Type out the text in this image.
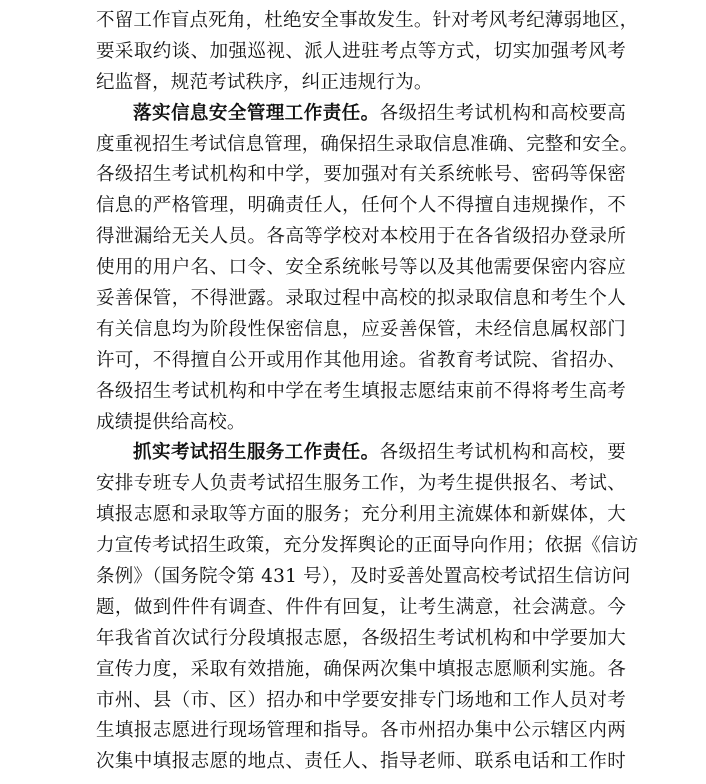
不留工作盲点死角，杜绝安全事故发生。针对考风考纪薄弱地区，
要采取约谈、加强巡视、派人进驻考点等方式，切实加强考风考
纪监督，规范考试秩序，纠正违规行为。
落实信息安全管理工作责任。各级招生考试机构和高校要高
度重视招生考试信息管理，确保招生录取信息准确、完整和安全。
各级招生考试机构和中学，要加强对有关系统帐号、密码等保密
信息的严格管理，明确责任人，任何个人不得擅自违规操作，不
得泄漏给无关人员。各高等学校对本校用于在各省级招办登录所
使用的用户名、口令、安全系统帐号等以及其他需要保密内容应
妥善保管，不得泄露。录取过程中高校的拟录取信息和考生个人
有关信息均为阶段性保密信息，应妥善保管，未经信息属权部门
许可，不得擅自公开或用作其他用途。省教育考试院、省招办、
各级招生考试机构和中学在考生填报志愿结束前不得将考生高考
成绩提供给高校。
抓实考试招生服务工作责任。各级招生考试机构和高校，要
安排专班专人负责考试招生服务工作，为考生提供报名、考试、
填报志愿和录取等方面的服务；充分利用主流媒体和新媒体，大
力宣传考试招生政策，充分发挥舆论的正面导向作用；依据《信访
条例》（国务院令第 431 号），及时妥善处置高校考试招生信访问
题，做到件件有调查、件件有回复，让考生满意，社会满意。今
年我省首次试行分段填报志愿，各级招生考试机构和中学要加大
宣传力度，采取有效措施，确保两次集中填报志愿顺利实施。各
市州、县（市、区）招办和中学要安排专门场地和工作人员对考
生填报志愿进行现场管理和指导。各市州招办集中公示辖区内两
次集中填报志愿的地点、责任人、指导老师、联系电话和工作时
